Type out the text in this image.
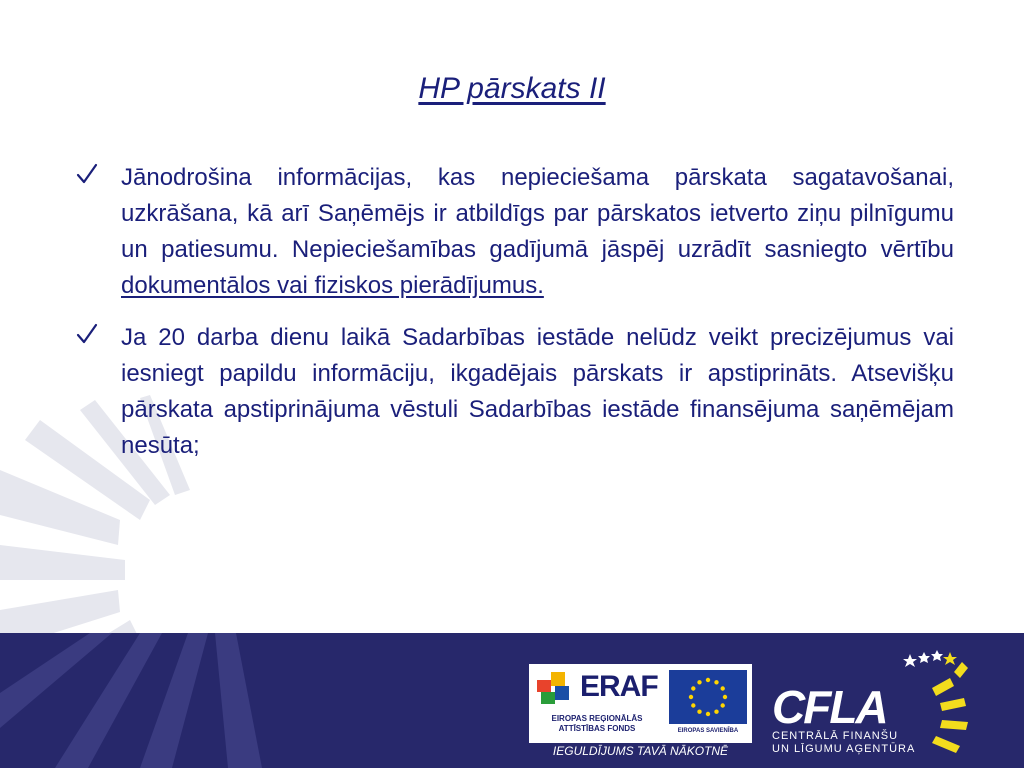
HP pārskats II

Jānodrošina informācijas, kas nepieciešama pārskata sagatavošanai, uzkrāšana, kā arī Saņēmējs ir atbildīgs par pārskatos ietverto ziņu pilnīgumu un patiesumu. Nepieciešamības gadījumā jāspēj uzrādīt sasniegto vērtību dokumentālos vai fiziskos pierādījumus.

Ja 20 darba dienu laikā Sadarbības iestāde nelūdz veikt precizējumus vai iesniegt papildu informāciju, ikgadējais pārskats ir apstiprināts. Atsevišķu pārskata apstiprinājuma vēstuli Sadarbības iestāde finansējuma saņēmējam nesūta;

ERAF
EIROPAS REĢIONĀLĀS
ATTĪSTĪBAS FONDS	EIROPAS SAVIENĪBA
IEGULDĪJUMS TAVĀ NĀKOTNĒ
CFLA
CENTRĀLĀ FINANŠU
UN LĪGUMU AĢENTŪRA
